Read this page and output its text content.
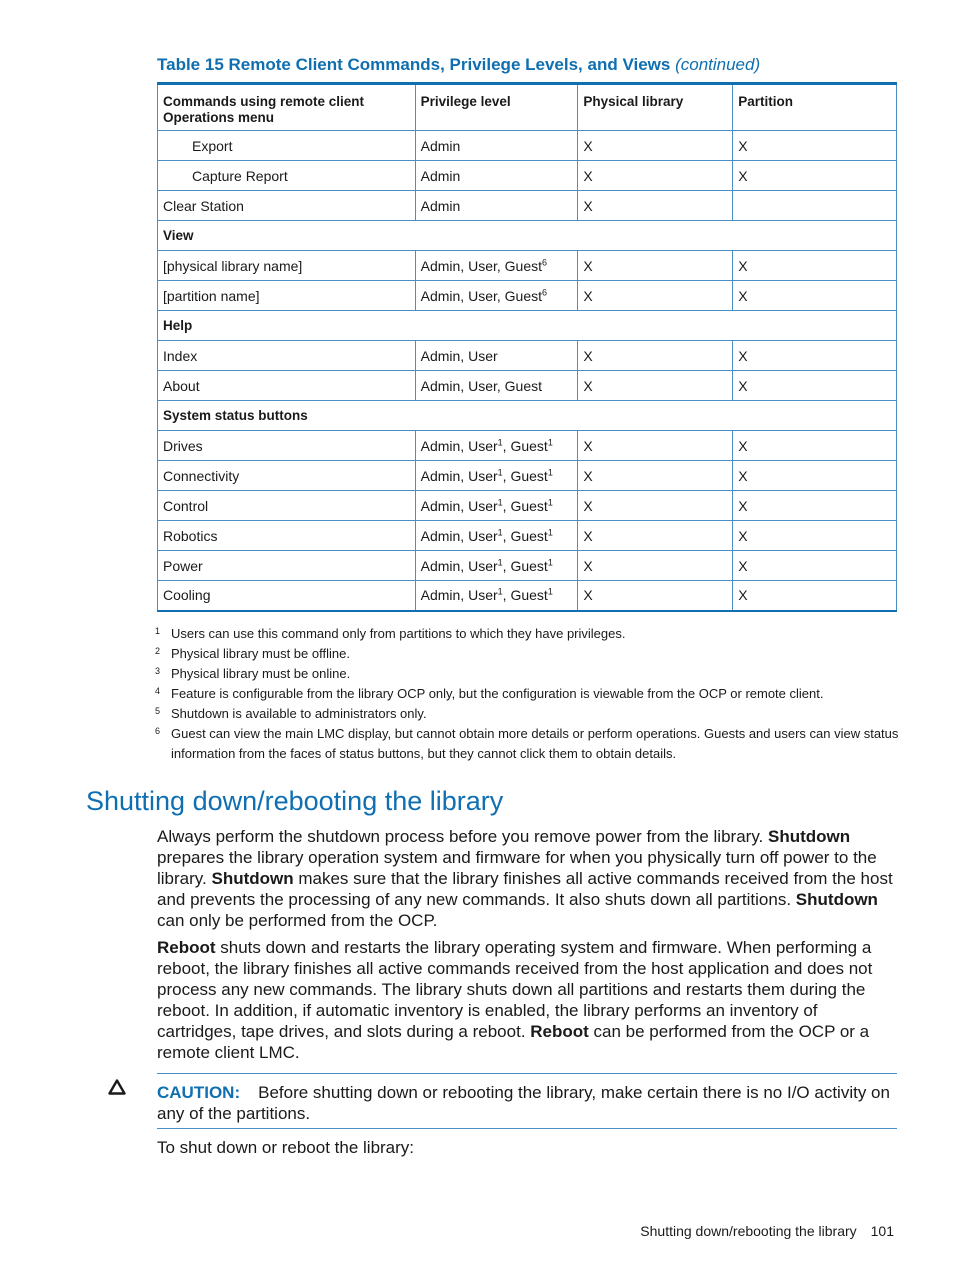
Table 15 Remote Client Commands, Privilege Levels, and Views (continued)
Commands using remote client Operations menu	Privilege level	Physical library	Partition
Export	Admin	X	X
Capture Report	Admin	X	X
Clear Station	Admin	X	
View			
[physical library name]	Admin, User, Guest$^6$	X	X
[partition name]	Admin, User, Guest$^6$	X	X
Help			
Index	Admin, User	X	X
About	Admin, User, Guest	X	X
System status buttons			
Drives	Admin, User$^1$, Guest$^1$	X	X
Connectivity	Admin, User$^1$, Guest$^1$	X	X
Control	Admin, User$^1$, Guest$^1$	X	X
Robotics	Admin, User$^1$, Guest$^1$	X	X
Power	Admin, User$^1$, Guest$^1$	X	X
Cooling	Admin, User$^1$, Guest$^1$	X	X
1 Users can use this command only from partitions to which they have privileges.
2 Physical library must be offline.
3 Physical library must be online.
4 Feature is configurable from the library OCP only, but the configuration is viewable from the OCP or remote client.
5 Shutdown is available to administrators only.
6 Guest can view the main LMC display, but cannot obtain more details or perform operations. Guests and users can view status information from the faces of status buttons, but they cannot click them to obtain details.
Shutting down/rebooting the library

Always perform the shutdown process before you remove power from the library. Shutdown prepares the library operation system and firmware for when you physically turn off power to the library. Shutdown makes sure that the library finishes all active commands received from the host and prevents the processing of any new commands. It also shuts down all partitions. Shutdown can only be performed from the OCP.

Reboot shuts down and restarts the library operating system and firmware. When performing a reboot, the library finishes all active commands received from the host application and does not process any new commands. The library shuts down all partitions and restarts them during the reboot. In addition, if automatic inventory is enabled, the library performs an inventory of cartridges, tape drives, and slots during a reboot. Reboot can be performed from the OCP or a remote client LMC.

CAUTION: Before shutting down or rebooting the library, make certain there is no I/O activity on any of the partitions.

To shut down or reboot the library:

Shutting down/rebooting the library 101
